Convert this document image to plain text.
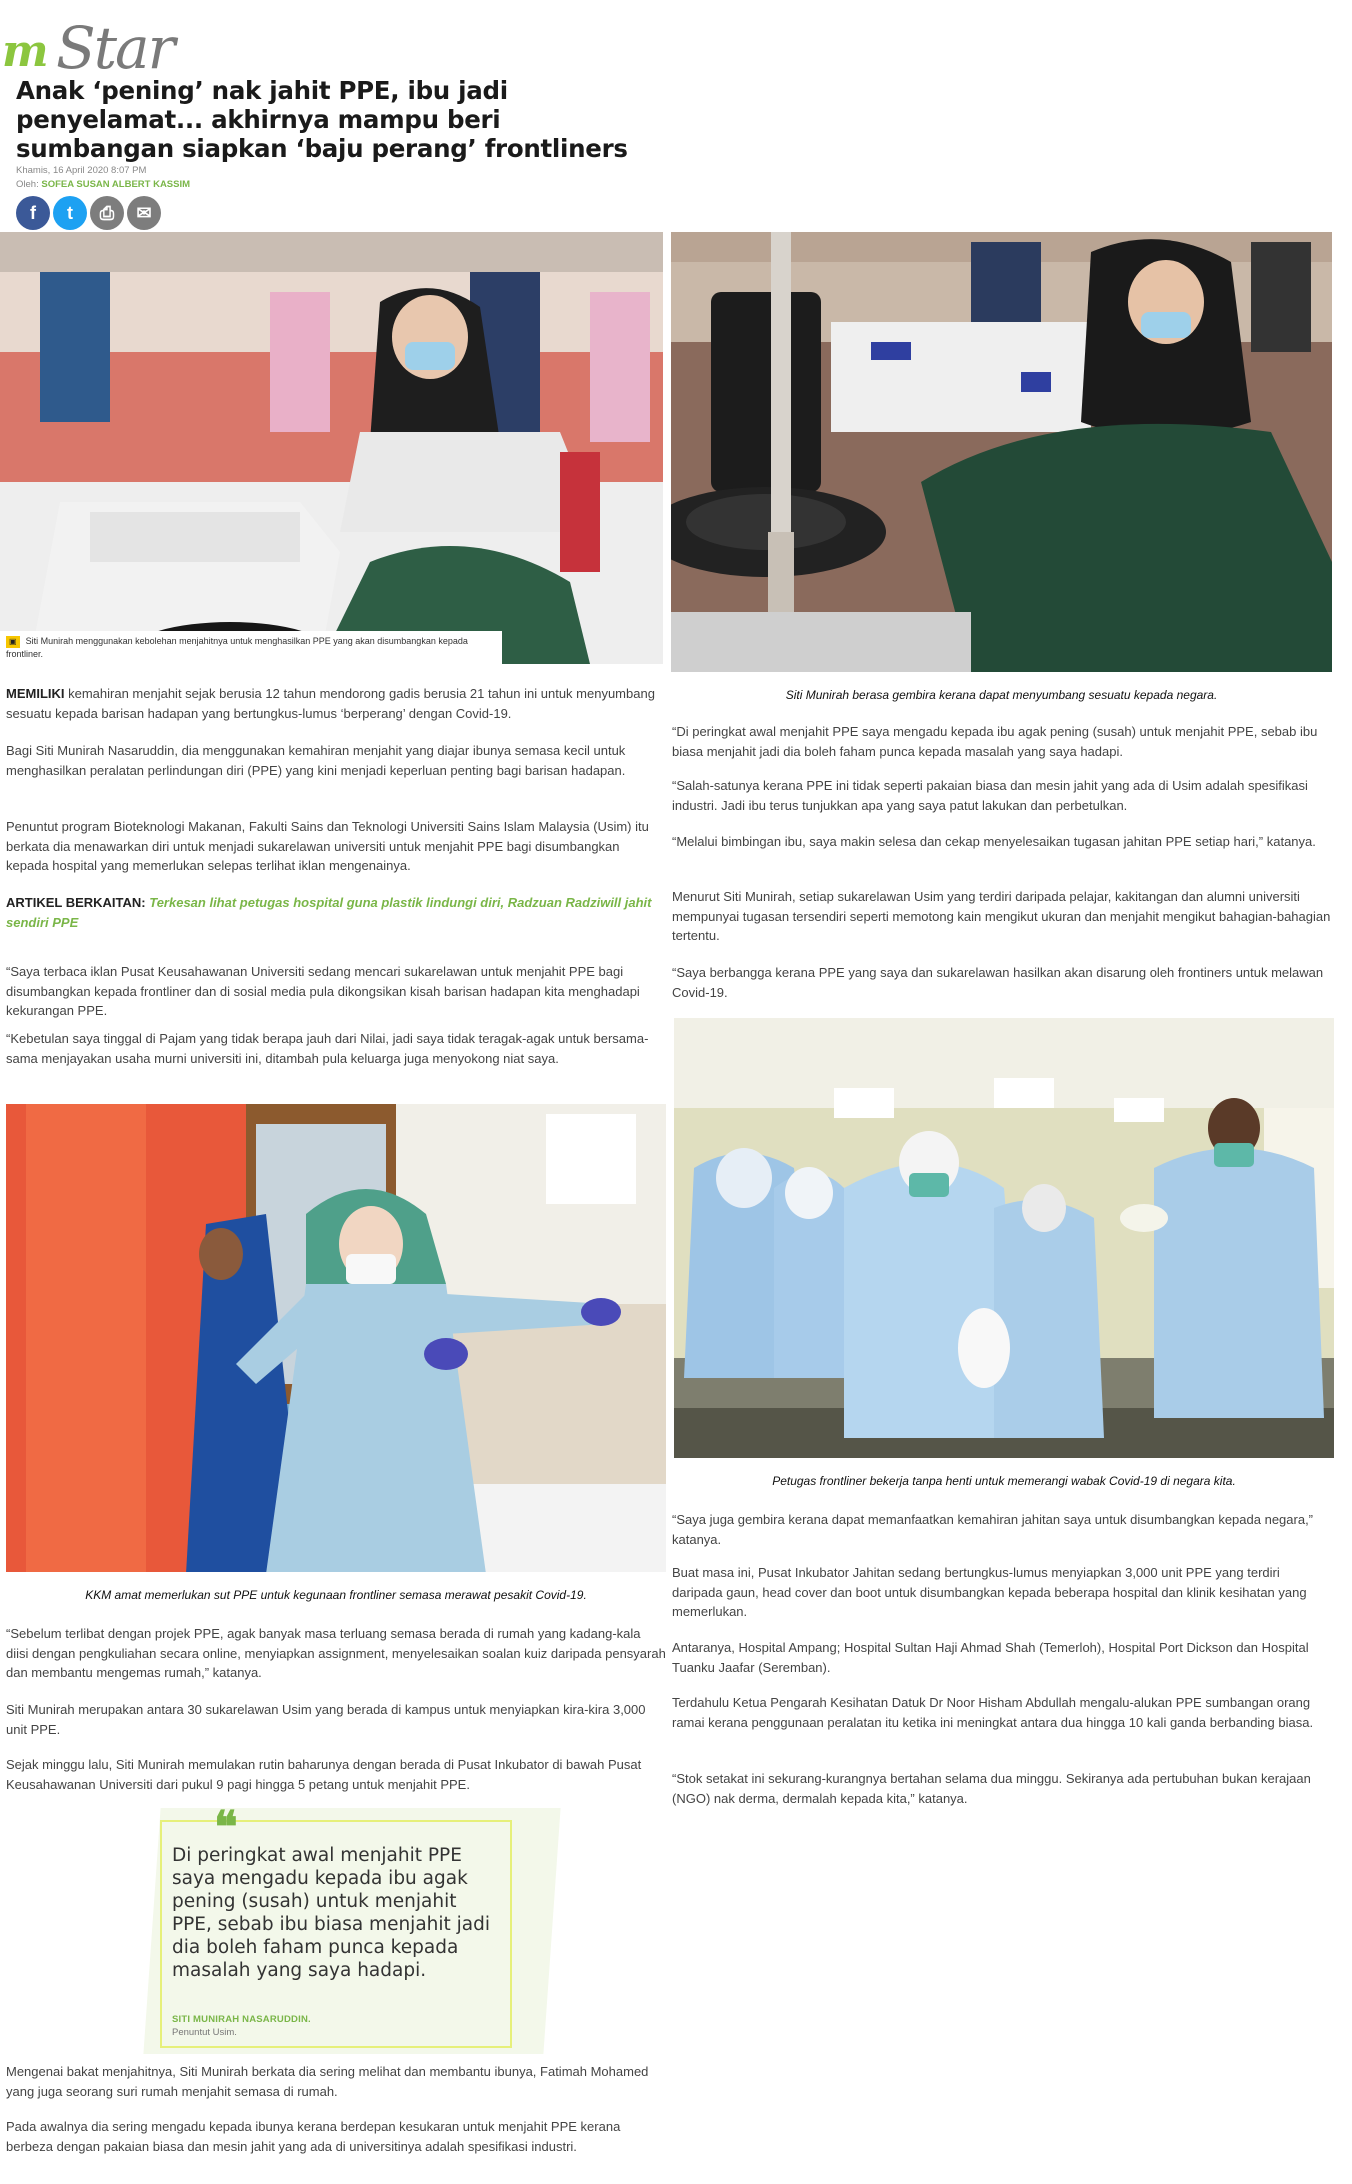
m Star
Anak ‘pening’ nak jahit PPE, ibu jadi penyelamat... akhirnya mampu beri sumbangan siapkan ‘baju perang’ frontliners
Khamis, 16 April 2020 8:07 PM
Oleh: SOFEA SUSAN ALBERT KASSIM
f t ⎙ ✉
▣ Siti Munirah menggunakan kebolehan menjahitnya untuk menghasilkan PPE yang akan disumbangkan kepada frontliner.
Siti Munirah berasa gembira kerana dapat menyumbang sesuatu kepada negara.

MEMILIKI kemahiran menjahit sejak berusia 12 tahun mendorong gadis berusia 21 tahun ini untuk menyumbang sesuatu kepada barisan hadapan yang bertungkus-lumus ‘berperang’ dengan Covid-19.

Bagi Siti Munirah Nasaruddin, dia menggunakan kemahiran menjahit yang diajar ibunya semasa kecil untuk menghasilkan peralatan perlindungan diri (PPE) yang kini menjadi keperluan penting bagi barisan hadapan.

Penuntut program Bioteknologi Makanan, Fakulti Sains dan Teknologi Universiti Sains Islam Malaysia (Usim) itu berkata dia menawarkan diri untuk menjadi sukarelawan universiti untuk menjahit PPE bagi disumbangkan kepada hospital yang memerlukan selepas terlihat iklan mengenainya.

ARTIKEL BERKAITAN: Terkesan lihat petugas hospital guna plastik lindungi diri, Radzuan Radziwill jahit sendiri PPE

“Saya terbaca iklan Pusat Keusahawanan Universiti sedang mencari sukarelawan untuk menjahit PPE bagi disumbangkan kepada frontliner dan di sosial media pula dikongsikan kisah barisan hadapan kita menghadapi kekurangan PPE.

“Kebetulan saya tinggal di Pajam yang tidak berapa jauh dari Nilai, jadi saya tidak teragak-agak untuk bersama-sama menjayakan usaha murni universiti ini, ditambah pula keluarga juga menyokong niat saya.

KKM amat memerlukan sut PPE untuk kegunaan frontliner semasa merawat pesakit Covid-19.

“Sebelum terlibat dengan projek PPE, agak banyak masa terluang semasa berada di rumah yang kadang-kala diisi dengan pengkuliahan secara online, menyiapkan assignment, menyelesaikan soalan kuiz daripada pensyarah dan membantu mengemas rumah,” katanya.

Siti Munirah merupakan antara 30 sukarelawan Usim yang berada di kampus untuk menyiapkan kira-kira 3,000 unit PPE.

Sejak minggu lalu, Siti Munirah memulakan rutin baharunya dengan berada di Pusat Inkubator di bawah Pusat Keusahawanan Universiti dari pukul 9 pagi hingga 5 petang untuk menjahit PPE.

❝
Di peringkat awal menjahit PPE saya mengadu kepada ibu agak pening (susah) untuk menjahit PPE, sebab ibu biasa menjahit jadi dia boleh faham punca kepada masalah yang saya hadapi.
SITI MUNIRAH NASARUDDIN.
Penuntut Usim.

Mengenai bakat menjahitnya, Siti Munirah berkata dia sering melihat dan membantu ibunya, Fatimah Mohamed yang juga seorang suri rumah menjahit semasa di rumah.

Pada awalnya dia sering mengadu kepada ibunya kerana berdepan kesukaran untuk menjahit PPE kerana berbeza dengan pakaian biasa dan mesin jahit yang ada di universitinya adalah spesifikasi industri.

“Di peringkat awal menjahit PPE saya mengadu kepada ibu agak pening (susah) untuk menjahit PPE, sebab ibu biasa menjahit jadi dia boleh faham punca kepada masalah yang saya hadapi.

“Salah-satunya kerana PPE ini tidak seperti pakaian biasa dan mesin jahit yang ada di Usim adalah spesifikasi industri. Jadi ibu terus tunjukkan apa yang saya patut lakukan dan perbetulkan.

“Melalui bimbingan ibu, saya makin selesa dan cekap menyelesaikan tugasan jahitan PPE setiap hari,” katanya.

Menurut Siti Munirah, setiap sukarelawan Usim yang terdiri daripada pelajar, kakitangan dan alumni universiti mempunyai tugasan tersendiri seperti memotong kain mengikut ukuran dan menjahit mengikut bahagian-bahagian tertentu.

“Saya berbangga kerana PPE yang saya dan sukarelawan hasilkan akan disarung oleh frontiners untuk melawan Covid-19.

Petugas frontliner bekerja tanpa henti untuk memerangi wabak Covid-19 di negara kita.

“Saya juga gembira kerana dapat memanfaatkan kemahiran jahitan saya untuk disumbangkan kepada negara,” katanya.

Buat masa ini, Pusat Inkubator Jahitan sedang bertungkus-lumus menyiapkan 3,000 unit PPE yang terdiri daripada gaun, head cover dan boot untuk disumbangkan kepada beberapa hospital dan klinik kesihatan yang memerlukan.

Antaranya, Hospital Ampang; Hospital Sultan Haji Ahmad Shah (Temerloh), Hospital Port Dickson dan Hospital Tuanku Jaafar (Seremban).

Terdahulu Ketua Pengarah Kesihatan Datuk Dr Noor Hisham Abdullah mengalu-alukan PPE sumbangan orang ramai kerana penggunaan peralatan itu ketika ini meningkat antara dua hingga 10 kali ganda berbanding biasa.

“Stok setakat ini sekurang-kurangnya bertahan selama dua minggu. Sekiranya ada pertubuhan bukan kerajaan (NGO) nak derma, dermalah kepada kita,” katanya.
